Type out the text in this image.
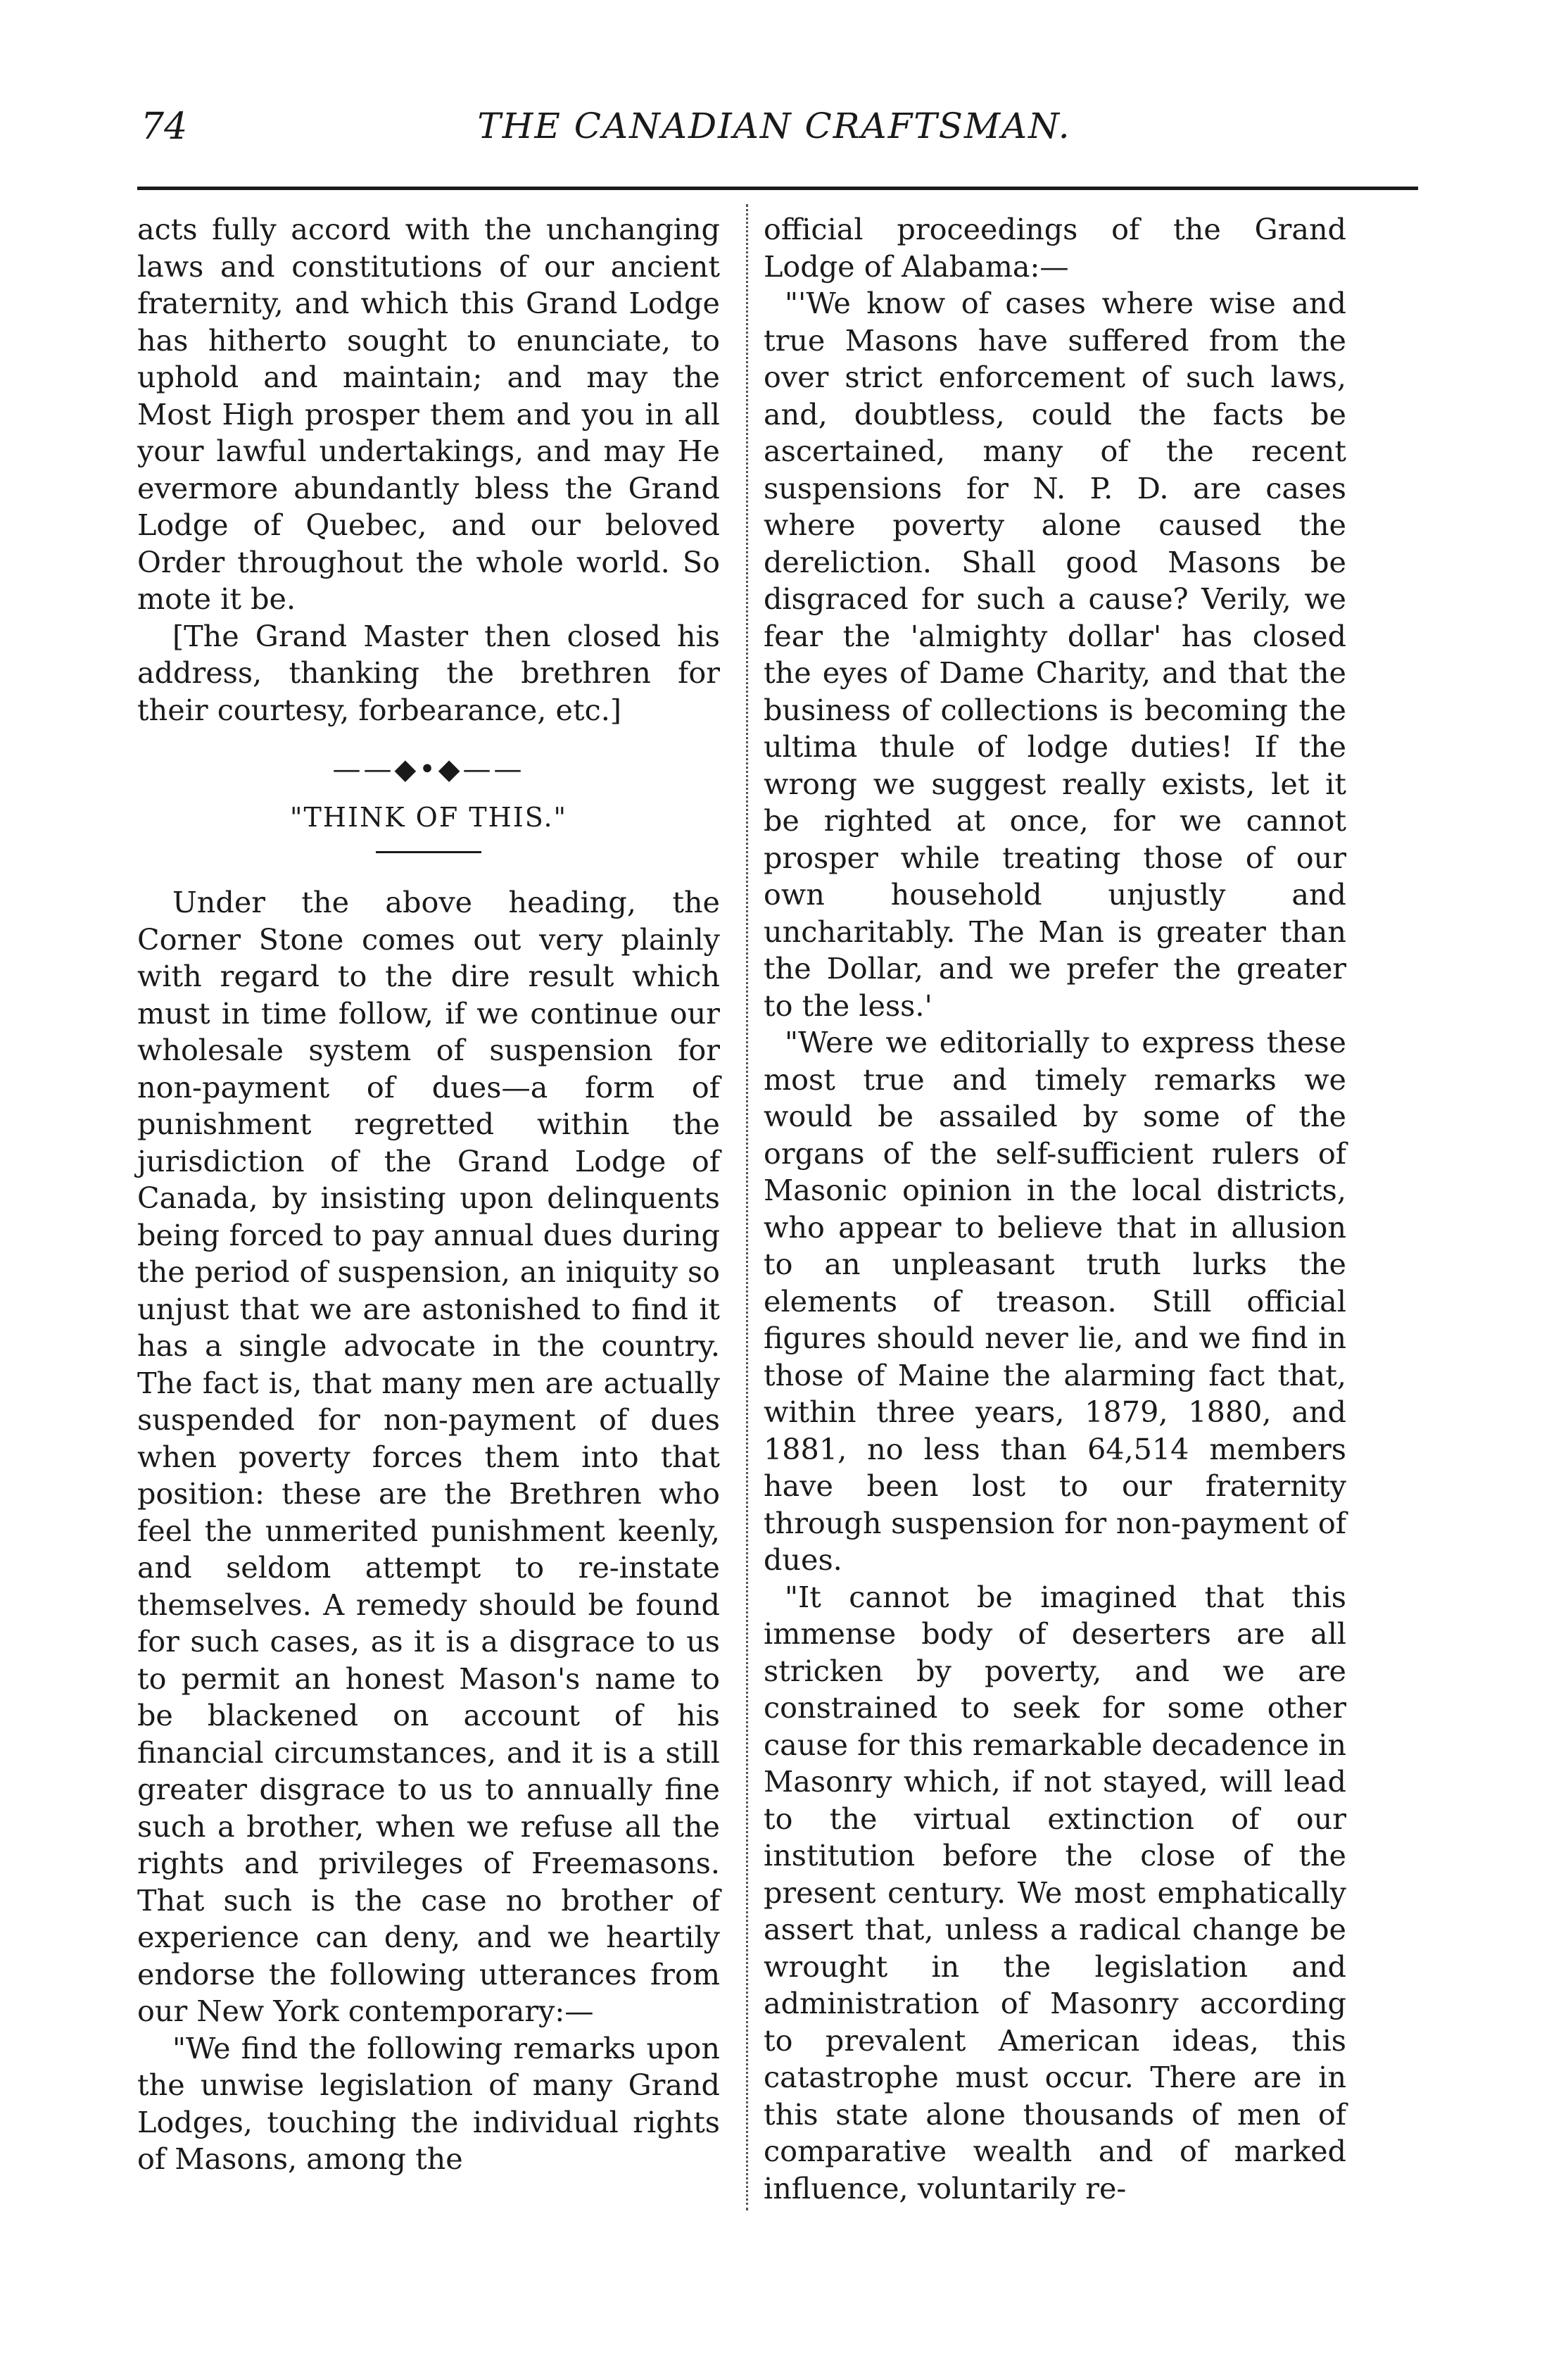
74	THE CANADIAN CRAFTSMAN.

acts fully accord with the unchanging laws and constitutions of our ancient fraternity, and which this Grand Lodge has hitherto sought to enunciate, to uphold and maintain; and may the Most High prosper them and you in all your lawful undertakings, and may He evermore abundantly bless the Grand Lodge of Quebec, and our beloved Order throughout the whole world. So mote it be.

[The Grand Master then closed his address, thanking the brethren for their courtesy, forbearance, etc.]

——◆•◆——
"THINK OF THIS."

Under the above heading, the Corner Stone comes out very plainly with regard to the dire result which must in time follow, if we continue our wholesale system of suspension for non-payment of dues—a form of punishment regretted within the jurisdiction of the Grand Lodge of Canada, by insisting upon delinquents being forced to pay annual dues during the period of suspension, an iniquity so unjust that we are astonished to find it has a single advocate in the country. The fact is, that many men are actually suspended for non-payment of dues when poverty forces them into that position: these are the Brethren who feel the unmerited punishment keenly, and seldom attempt to re-instate themselves. A remedy should be found for such cases, as it is a disgrace to us to permit an honest Mason's name to be blackened on account of his financial circumstances, and it is a still greater disgrace to us to annually fine such a brother, when we refuse all the rights and privileges of Freemasons. That such is the case no brother of experience can deny, and we heartily endorse the following utterances from our New York contemporary:—

"We find the following remarks upon the unwise legislation of many Grand Lodges, touching the individual rights of Masons, among the

official proceedings of the Grand Lodge of Alabama:—

"'We know of cases where wise and true Masons have suffered from the over strict enforcement of such laws, and, doubtless, could the facts be ascertained, many of the recent suspensions for N. P. D. are cases where poverty alone caused the dereliction. Shall good Masons be disgraced for such a cause? Verily, we fear the 'almighty dollar' has closed the eyes of Dame Charity, and that the business of collections is becoming the ultima thule of lodge duties! If the wrong we suggest really exists, let it be righted at once, for we cannot prosper while treating those of our own household unjustly and uncharitably. The Man is greater than the Dollar, and we prefer the greater to the less.'

"Were we editorially to express these most true and timely remarks we would be assailed by some of the organs of the self-sufficient rulers of Masonic opinion in the local districts, who appear to believe that in allusion to an unpleasant truth lurks the elements of treason. Still official figures should never lie, and we find in those of Maine the alarming fact that, within three years, 1879, 1880, and 1881, no less than 64,514 members have been lost to our fraternity through suspension for non-payment of dues.

"It cannot be imagined that this immense body of deserters are all stricken by poverty, and we are constrained to seek for some other cause for this remarkable decadence in Masonry which, if not stayed, will lead to the virtual extinction of our institution before the close of the present century. We most emphatically assert that, unless a radical change be wrought in the legislation and administration of Masonry according to prevalent American ideas, this catastrophe must occur. There are in this state alone thousands of men of comparative wealth and of marked influence, voluntarily re-
